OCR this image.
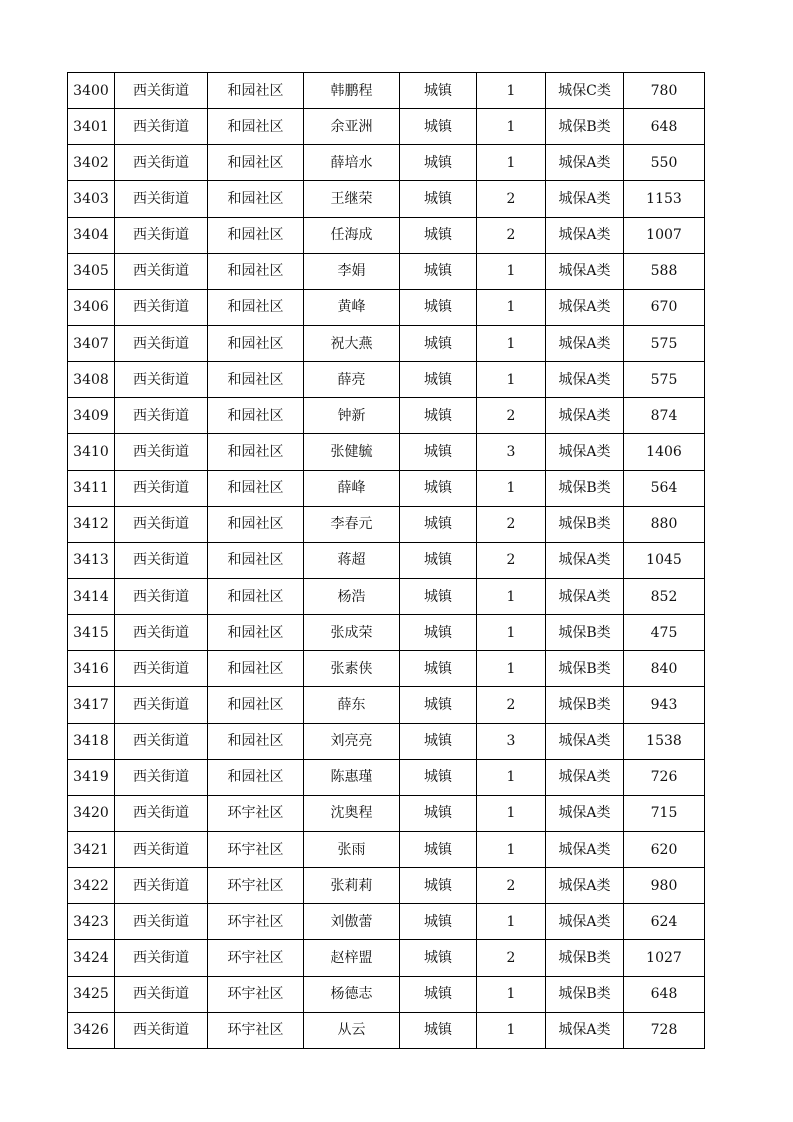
3400	西关街道	和园社区	韩鹏程	城镇	1	城保C类	780
3401	西关街道	和园社区	余亚洲	城镇	1	城保B类	648
3402	西关街道	和园社区	薛培水	城镇	1	城保A类	550
3403	西关街道	和园社区	王继荣	城镇	2	城保A类	1153
3404	西关街道	和园社区	任海成	城镇	2	城保A类	1007
3405	西关街道	和园社区	李娟	城镇	1	城保A类	588
3406	西关街道	和园社区	黄峰	城镇	1	城保A类	670
3407	西关街道	和园社区	祝大燕	城镇	1	城保A类	575
3408	西关街道	和园社区	薛亮	城镇	1	城保A类	575
3409	西关街道	和园社区	钟新	城镇	2	城保A类	874
3410	西关街道	和园社区	张健毓	城镇	3	城保A类	1406
3411	西关街道	和园社区	薛峰	城镇	1	城保B类	564
3412	西关街道	和园社区	李春元	城镇	2	城保B类	880
3413	西关街道	和园社区	蒋超	城镇	2	城保A类	1045
3414	西关街道	和园社区	杨浩	城镇	1	城保A类	852
3415	西关街道	和园社区	张成荣	城镇	1	城保B类	475
3416	西关街道	和园社区	张素侠	城镇	1	城保B类	840
3417	西关街道	和园社区	薛东	城镇	2	城保B类	943
3418	西关街道	和园社区	刘亮亮	城镇	3	城保A类	1538
3419	西关街道	和园社区	陈惠瑾	城镇	1	城保A类	726
3420	西关街道	环宇社区	沈奥程	城镇	1	城保A类	715
3421	西关街道	环宇社区	张雨	城镇	1	城保A类	620
3422	西关街道	环宇社区	张莉莉	城镇	2	城保A类	980
3423	西关街道	环宇社区	刘傲蕾	城镇	1	城保A类	624
3424	西关街道	环宇社区	赵梓盟	城镇	2	城保B类	1027
3425	西关街道	环宇社区	杨德志	城镇	1	城保B类	648
3426	西关街道	环宇社区	从云	城镇	1	城保A类	728
